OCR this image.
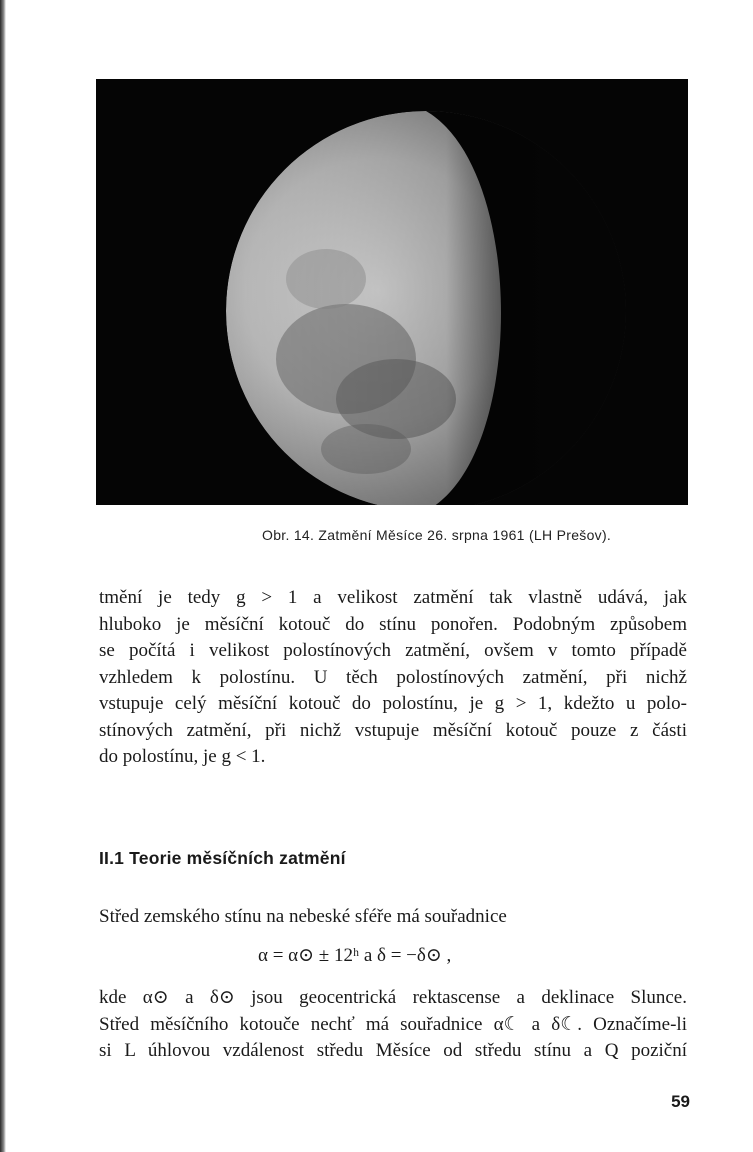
Obr. 14. Zatmění Měsíce 26. srpna 1961 (LH Prešov).

tmění je tedy g > 1 a velikost zatmění tak vlastně udává, jak
hluboko je měsíční kotouč do stínu ponořen. Podobným způsobem
se počítá i velikost polostínových zatmění, ovšem v tomto případě
vzhledem k polostínu. U těch polostínových zatmění, při nichž
vstupuje celý měsíční kotouč do polostínu, je g > 1, kdežto u polo-
stínových zatmění, při nichž vstupuje měsíční kotouč pouze z části
do polostínu, je g < 1.

II.1 Teorie měsíčních zatmění

Střed zemského stínu na nebeské sféře má souřadnice

α = α⊙ ± 12ʰ a δ = −δ⊙ ,

kde α⊙ a δ⊙ jsou geocentrická rektascense a deklinace Slunce.
Střed měsíčního kotouče nechť má souřadnice α☾ a δ☾. Označíme-li
si L úhlovou vzdálenost středu Měsíce od středu stínu a Q poziční

59
